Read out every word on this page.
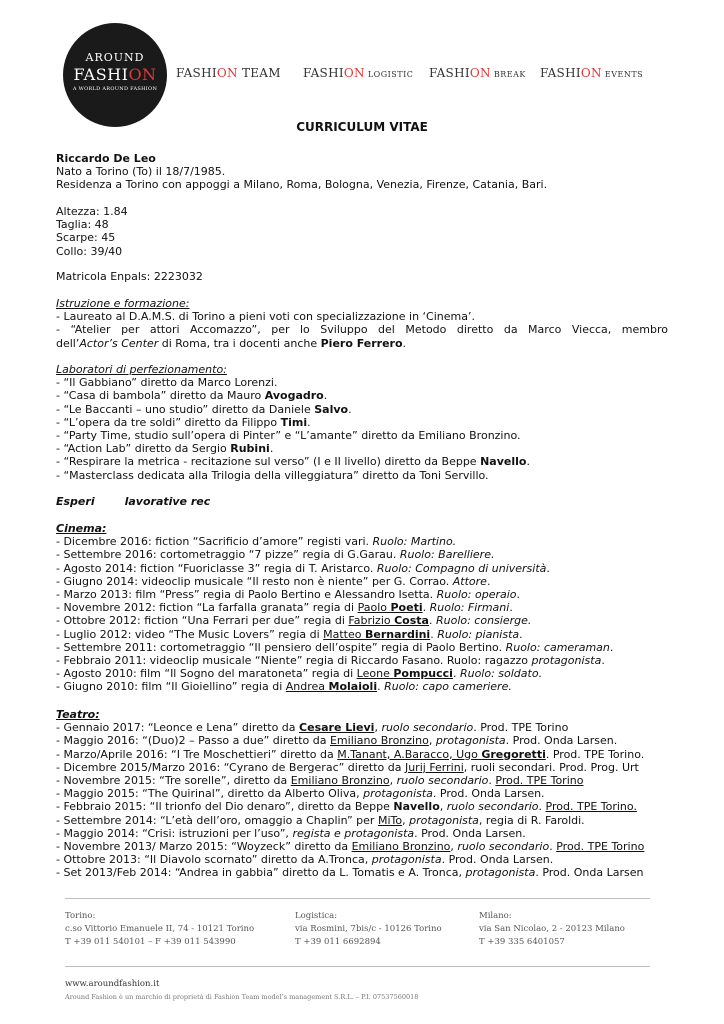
AROUND
FASHION
A WORLD AROUND FASHION
FASHION TEAM FASHION LOGISTIC FASHION BREAK FASHION EVENTS
CURRICULUM VITAE
Riccardo De Leo
Nato a Torino (To) il 18/7/1985.
Residenza a Torino con appoggi a Milano, Roma, Bologna, Venezia, Firenze, Catania, Bari.
Altezza: 1.84
Taglia: 48
Scarpe: 45
Collo: 39/40
Matricola Enpals: 2223032
Istruzione e formazione:
- Laureato al D.A.M.S. di Torino a pieni voti con specializzazione in ‘Cinema’.
- “Atelier per attori Accomazzo”, per lo Sviluppo del Metodo diretto da Marco Viecca, membro
dell’Actor’s Center di Roma, tra i docenti anche Piero Ferrero.
Laboratori di perfezionamento:
- “Il Gabbiano” diretto da Marco Lorenzi.
- “Casa di bambola” diretto da Mauro Avogadro.
- “Le Baccanti – uno studio” diretto da Daniele Salvo.
- “L’opera da tre soldi” diretto da Filippo Timi.
- “Party Time, studio sull’opera di Pinter” e “L’amante” diretto da Emiliano Bronzino.
- “Action Lab” diretto da Sergio Rubini.
- “Respirare la metrica - recitazione sul verso” (I e II livello) diretto da Beppe Navello.
- “Masterclass dedicata alla Trilogia della villeggiatura” diretto da Toni Servillo.
Esperi	lavorative rec
Cinema:
- Dicembre 2016: fiction “Sacrificio d’amore” registi vari. Ruolo: Martino.
- Settembre 2016: cortometraggio “7 pizze” regia di G.Garau. Ruolo: Barelliere.
- Agosto 2014: fiction “Fuoriclasse 3” regia di T. Aristarco. Ruolo: Compagno di università.
- Giugno 2014: videoclip musicale “Il resto non è niente” per G. Corrao. Attore.
- Marzo 2013: film “Press” regia di Paolo Bertino e Alessandro Isetta. Ruolo: operaio.
- Novembre 2012: fiction “La farfalla granata” regia di Paolo Poeti. Ruolo: Firmani.
- Ottobre 2012: fiction “Una Ferrari per due” regia di Fabrizio Costa. Ruolo: consierge.
- Luglio 2012: video “The Music Lovers” regia di Matteo Bernardini. Ruolo: pianista.
- Settembre 2011: cortometraggio “Il pensiero dell’ospite” regia di Paolo Bertino. Ruolo: cameraman.
- Febbraio 2011: videoclip musicale “Niente” regia di Riccardo Fasano. Ruolo: ragazzo protagonista.
- Agosto 2010: film “Il Sogno del maratoneta” regia di Leone Pompucci. Ruolo: soldato.
- Giugno 2010: film “Il Gioiellino” regia di Andrea Molaioli. Ruolo: capo cameriere.
Teatro:
- Gennaio 2017: “Leonce e Lena” diretto da Cesare Lievi, ruolo secondario. Prod. TPE Torino
- Maggio 2016: “(Duo)2 – Passo a due” diretto da Emiliano Bronzino, protagonista. Prod. Onda Larsen.
- Marzo/Aprile 2016: “I Tre Moschettieri” diretto da M.Tanant, A.Baracco, Ugo Gregoretti. Prod. TPE Torino.
- Dicembre 2015/Marzo 2016: “Cyrano de Bergerac” diretto da Jurij Ferrini, ruoli secondari. Prod. Prog. Urt
- Novembre 2015: “Tre sorelle”, diretto da Emiliano Bronzino, ruolo secondario. Prod. TPE Torino
- Maggio 2015: “The Quirinal”, diretto da Alberto Oliva, protagonista. Prod. Onda Larsen.
- Febbraio 2015: “Il trionfo del Dio denaro”, diretto da Beppe Navello, ruolo secondario. Prod. TPE Torino.
- Settembre 2014: “L’età dell’oro, omaggio a Chaplin” per MiTo, protagonista, regia di R. Faroldi.
- Maggio 2014: “Crisi: istruzioni per l’uso”, regista e protagonista. Prod. Onda Larsen.
- Novembre 2013/ Marzo 2015: “Woyzeck” diretto da Emiliano Bronzino, ruolo secondario. Prod. TPE Torino
- Ottobre 2013: “Il Diavolo scornato” diretto da A.Tronca, protagonista. Prod. Onda Larsen.
- Set 2013/Feb 2014: “Andrea in gabbia” diretto da L. Tomatis e A. Tronca, protagonista. Prod. Onda Larsen
Torino:
c.so Vittorio Emanuele II, 74 - 10121 Torino
T +39 011 540101 – F +39 011 543990
Logistica:
via Rosmini, 7bis/c - 10126 Torino
T +39 011 6692894
Milano:
via San Nicolao, 2 - 20123 Milano
T +39 335 6401057
www.aroundfashion.it
Around Fashion è un marchio di proprietà di Fashion Team model’s management S.R.L. – P.I. 07537560018
